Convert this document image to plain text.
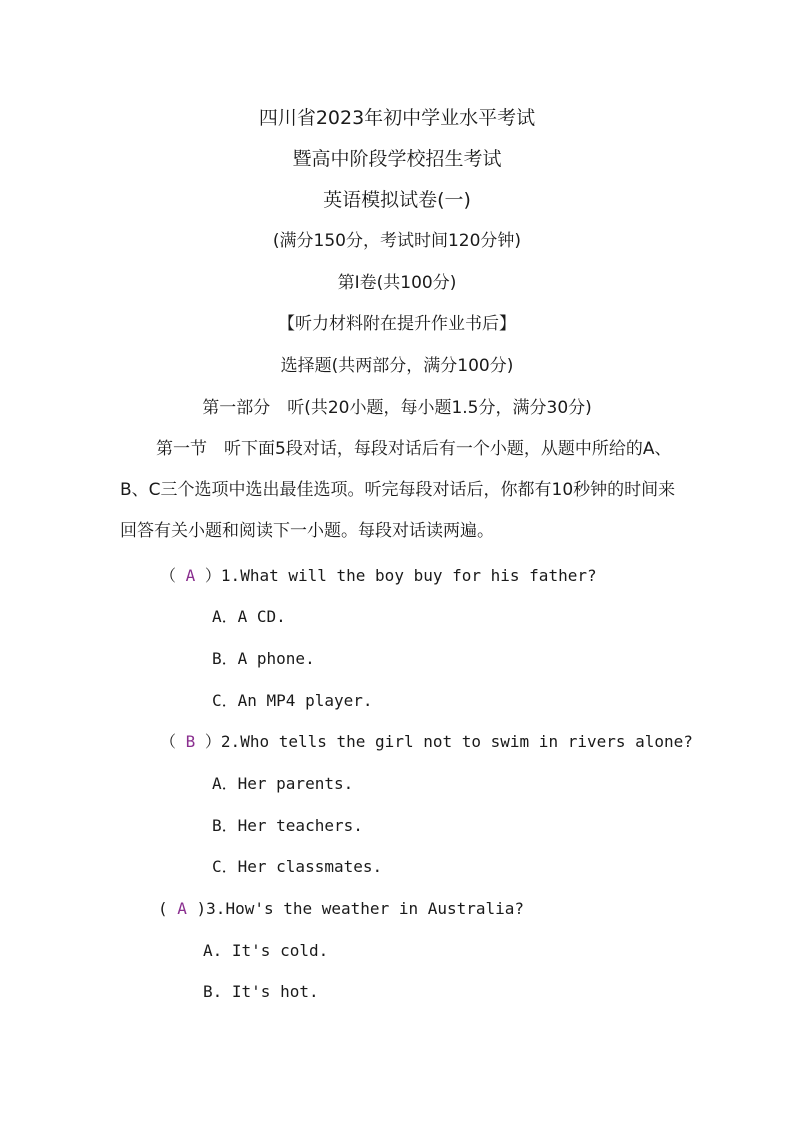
四川省2023年初中学业水平考试
暨高中阶段学校招生考试
英语模拟试卷(一)
(满分150分，考试时间120分钟)
第Ⅰ卷(共100分)
【听力材料附在提升作业书后】
选择题(共两部分，满分100分)
第一部分　听(共20小题，每小题1.5分，满分30分)
第一节　听下面5段对话，每段对话后有一个小题，从题中所给的A、B、C三个选项中选出最佳选项。听完每段对话后，你都有10秒钟的时间来回答有关小题和阅读下一小题。每段对话读两遍。
（ A ）1.What will the boy buy for his father?
A．A CD.
B．A phone.
C．An MP4 player.
（ B ）2.Who tells the girl not to swim in rivers alone?
A．Her parents.
B．Her teachers.
C．Her classmates.
( A )3.How's the weather in Australia?
A. It's cold.
B. It's hot.
